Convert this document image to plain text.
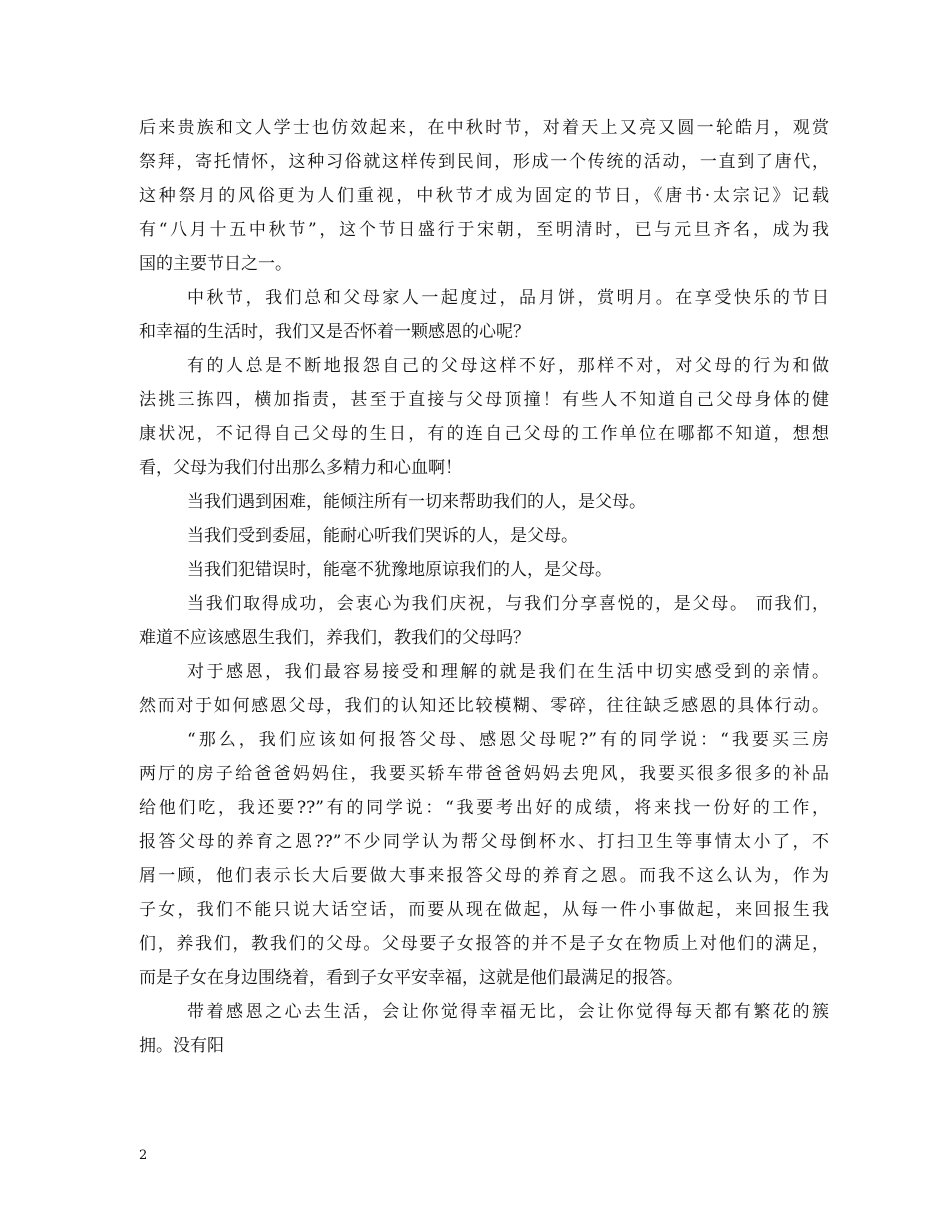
后来贵族和文人学士也仿效起来，在中秋时节，对着天上又亮又圆一轮皓月，观赏

祭拜，寄托情怀，这种习俗就这样传到民间，形成一个传统的活动，一直到了唐代，

这种祭月的风俗更为人们重视，中秋节才成为固定的节日，《唐书·太宗记》记载

有“八月十五中秋节”，这个节日盛行于宋朝，至明清时，已与元旦齐名，成为我

国的主要节日之一。

中秋节，我们总和父母家人一起度过，品月饼，赏明月。在享受快乐的节日

和幸福的生活时，我们又是否怀着一颗感恩的心呢？

有的人总是不断地报怨自己的父母这样不好，那样不对，对父母的行为和做

法挑三拣四，横加指责，甚至于直接与父母顶撞！有些人不知道自己父母身体的健

康状况，不记得自己父母的生日，有的连自己父母的工作单位在哪都不知道，想想

看，父母为我们付出那么多精力和心血啊！

当我们遇到困难，能倾注所有一切来帮助我们的人，是父母。

当我们受到委屈，能耐心听我们哭诉的人，是父母。

当我们犯错误时，能毫不犹豫地原谅我们的人，是父母。

当我们取得成功，会衷心为我们庆祝，与我们分享喜悦的，是父母。 而我们，

难道不应该感恩生我们，养我们，教我们的父母吗？

对于感恩，我们最容易接受和理解的就是我们在生活中切实感受到的亲情。

然而对于如何感恩父母，我们的认知还比较模糊、零碎，往往缺乏感恩的具体行动。

“那么，我们应该如何报答父母、感恩父母呢?”有的同学说：“我要买三房

两厅的房子给爸爸妈妈住，我要买轿车带爸爸妈妈去兜风，我要买很多很多的补品

给他们吃，我还要??”有的同学说：“我要考出好的成绩，将来找一份好的工作，

报答父母的养育之恩??”不少同学认为帮父母倒杯水、打扫卫生等事情太小了，不

屑一顾，他们表示长大后要做大事来报答父母的养育之恩。而我不这么认为，作为

子女，我们不能只说大话空话，而要从现在做起，从每一件小事做起，来回报生我

们，养我们，教我们的父母。父母要子女报答的并不是子女在物质上对他们的满足，

而是子女在身边围绕着，看到子女平安幸福，这就是他们最满足的报答。

带着感恩之心去生活，会让你觉得幸福无比，会让你觉得每天都有繁花的簇

拥。没有阳

2
